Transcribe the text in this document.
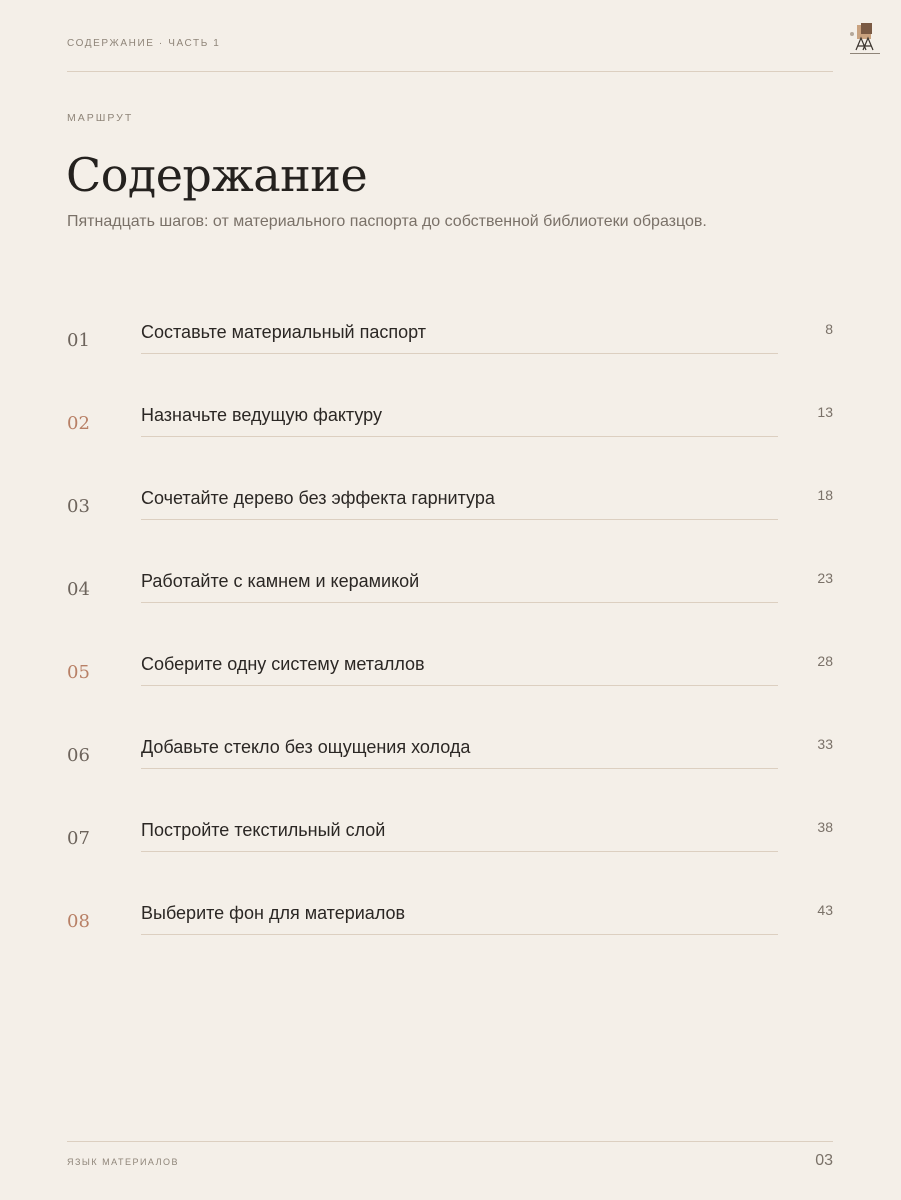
СОДЕРЖАНИЕ · ЧАСТЬ 1
МАРШРУТ
Содержание
Пятнадцать шагов: от материального паспорта до собственной библиотеки образцов.
01	Составьте материальный паспорт	8
02	Назначьте ведущую фактуру	13
03	Сочетайте дерево без эффекта гарнитура	18
04	Работайте с камнем и керамикой	23
05	Соберите одну систему металлов	28
06	Добавьте стекло без ощущения холода	33
07	Постройте текстильный слой	38
08	Выберите фон для материалов	43
ЯЗЫК МАТЕРИАЛОВ	03
